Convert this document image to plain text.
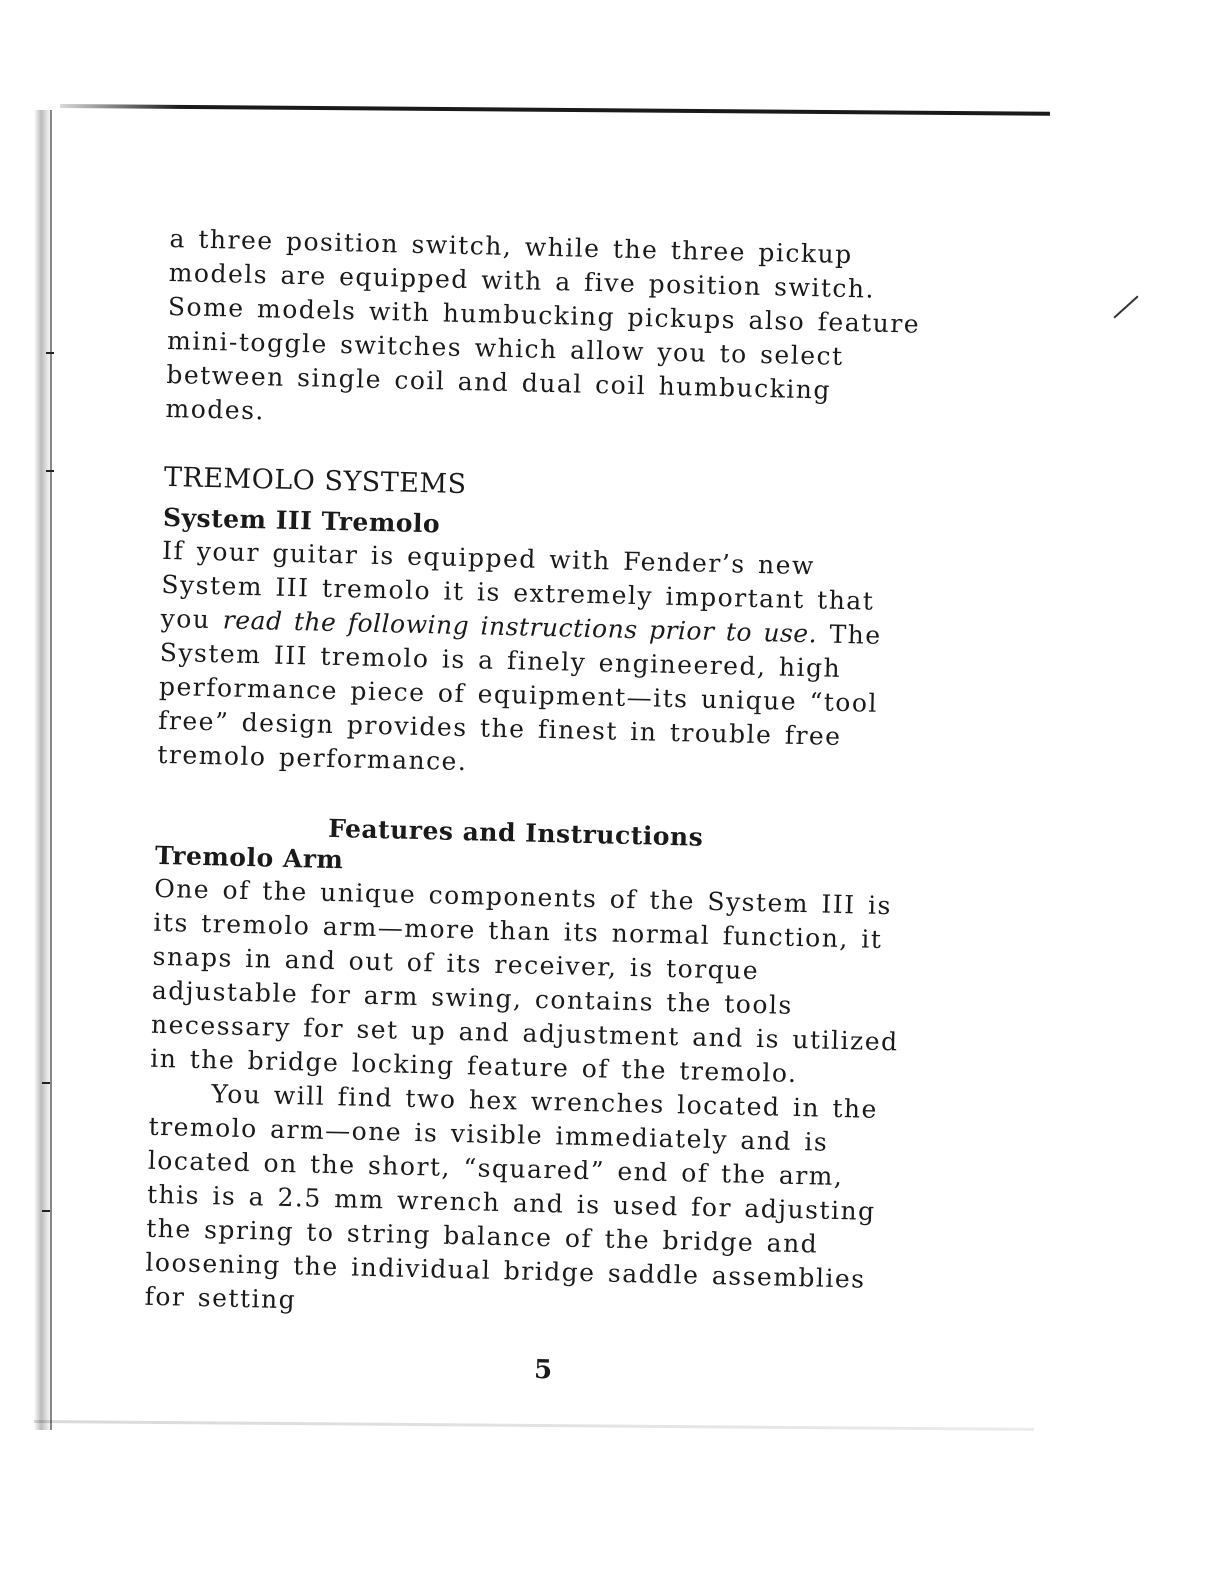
a three position switch, while the three pickup models are equipped with a five position switch. Some models with humbucking pickups also feature mini-toggle switches which allow you to select between single coil and dual coil humbucking modes.

TREMOLO SYSTEMS
System III Tremolo

If your guitar is equipped with Fender’s new System III tremolo it is extremely important that you read the following instructions prior to use. The System III tremolo is a finely engineered, high performance piece of equipment—its unique “tool free” design provides the finest in trouble free tremolo performance.

Features and Instructions
Tremolo Arm

One of the unique components of the System III is its tremolo arm—more than its normal function, it snaps in and out of its receiver, is torque adjustable for arm swing, contains the tools necessary for set up and adjustment and is utilized in the bridge locking feature of the tremolo.

You will find two hex wrenches located in the tremolo arm—one is visible immediately and is located on the short, “squared” end of the arm, this is a 2.5 mm wrench and is used for adjusting the spring to string balance of the bridge and loosening the individual bridge saddle assemblies for setting

5
